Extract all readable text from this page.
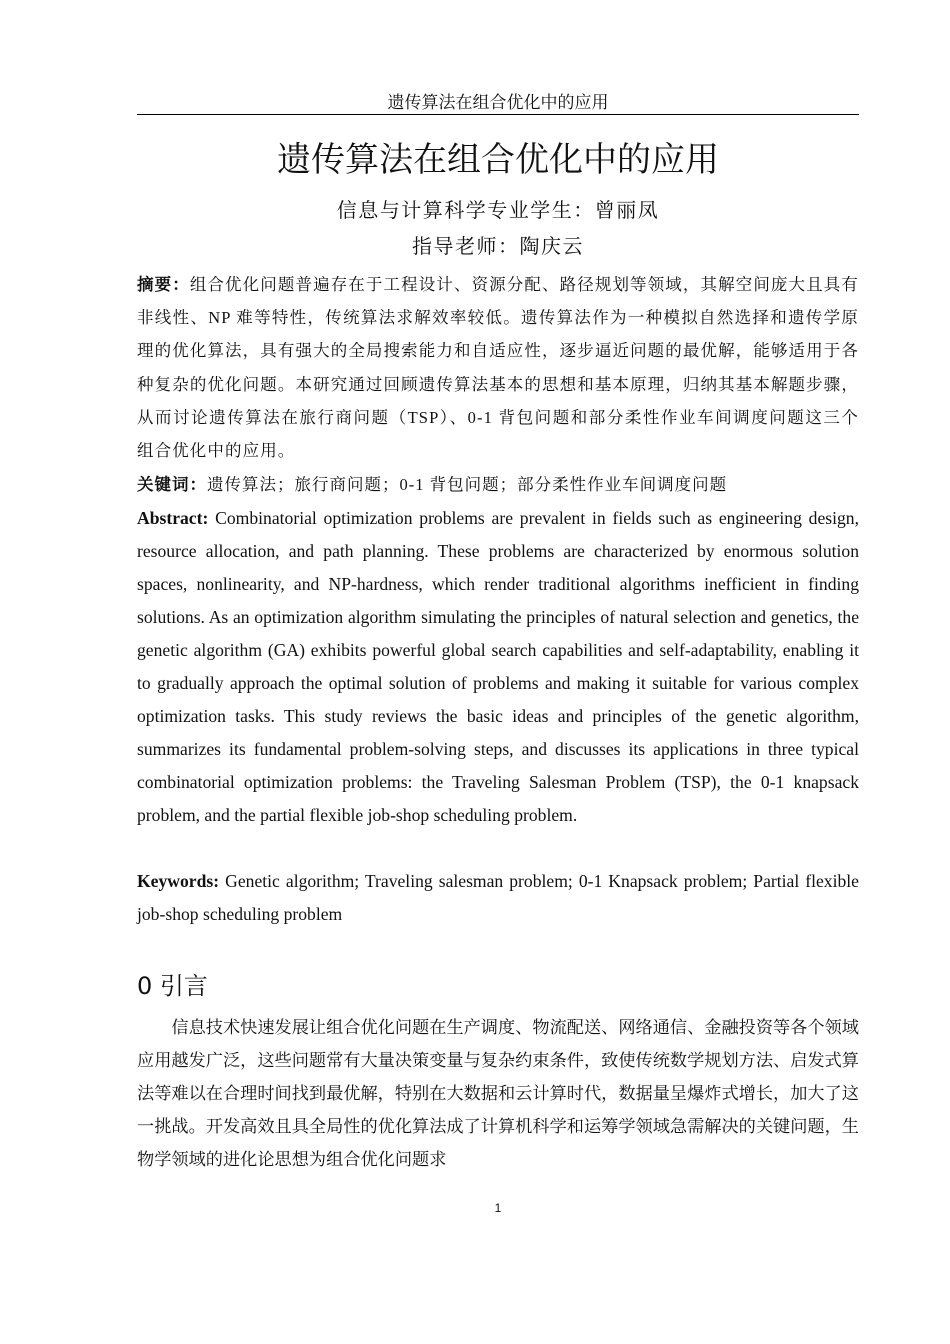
遗传算法在组合优化中的应用
遗传算法在组合优化中的应用
信息与计算科学专业学生：曾丽凤
指导老师：陶庆云

摘要：组合优化问题普遍存在于工程设计、资源分配、路径规划等领域，其解空间庞大且具有非线性、NP 难等特性，传统算法求解效率较低。遗传算法作为一种模拟自然选择和遗传学原理的优化算法，具有强大的全局搜索能力和自适应性，逐步逼近问题的最优解，能够适用于各种复杂的优化问题。本研究通过回顾遗传算法基本的思想和基本原理，归纳其基本解题步骤，从而讨论遗传算法在旅行商问题（TSP）、0-1 背包问题和部分柔性作业车间调度问题这三个组合优化中的应用。

关键词：遗传算法；旅行商问题；0-1 背包问题；部分柔性作业车间调度问题

Abstract: Combinatorial optimization problems are prevalent in fields such as engineering design, resource allocation, and path planning. These problems are characterized by enormous solution spaces, nonlinearity, and NP-hardness, which render traditional algorithms inefficient in finding solutions. As an optimization algorithm simulating the principles of natural selection and genetics, the genetic algorithm (GA) exhibits powerful global search capabilities and self-adaptability, enabling it to gradually approach the optimal solution of problems and making it suitable for various complex optimization tasks. This study reviews the basic ideas and principles of the genetic algorithm, summarizes its fundamental problem-solving steps, and discusses its applications in three typical combinatorial optimization problems: the Traveling Salesman Problem (TSP), the 0-1 knapsack problem, and the partial flexible job-shop scheduling problem.

Keywords: Genetic algorithm; Traveling salesman problem; 0-1 Knapsack problem; Partial flexible job-shop scheduling problem

0 引言

信息技术快速发展让组合优化问题在生产调度、物流配送、网络通信、金融投资等各个领域应用越发广泛，这些问题常有大量决策变量与复杂约束条件，致使传统数学规划方法、启发式算法等难以在合理时间找到最优解，特别在大数据和云计算时代，数据量呈爆炸式增长，加大了这一挑战。开发高效且具全局性的优化算法成了计算机科学和运筹学领域急需解决的关键问题，生物学领域的进化论思想为组合优化问题求

1
